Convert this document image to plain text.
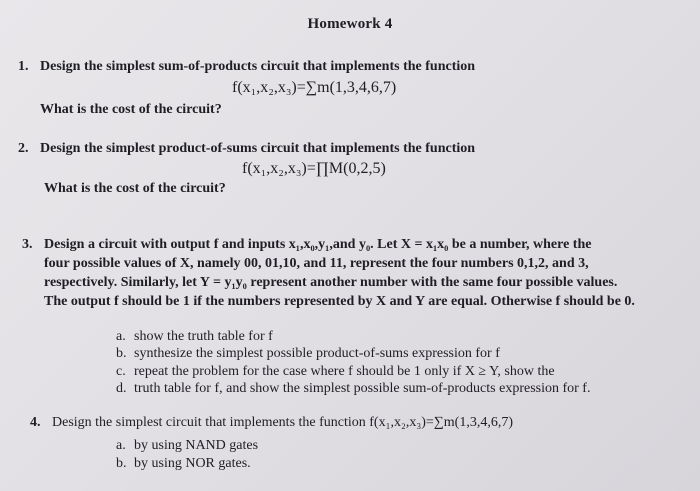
Homework 4
1. Design the simplest sum-of-products circuit that implements the function
f(x₁,x₂,x₃)=∑m(1,3,4,6,7)
What is the cost of the circuit?
2. Design the simplest product-of-sums circuit that implements the function
f(x₁,x₂,x₃)=∏M(0,2,5)
What is the cost of the circuit?
3. Design a circuit with output f and inputs x₁,x₀,y₁,and y₀. Let X = x₁x₀ be a number, where the
four possible values of X, namely 00, 01,10, and 11, represent the four numbers 0,1,2, and 3,
respectively. Similarly, let Y = y₁y₀ represent another number with the same four possible values.
The output f should be 1 if the numbers represented by X and Y are equal. Otherwise f should be 0.
a. show the truth table for f
b. synthesize the simplest possible product-of-sums expression for f
c. repeat the problem for the case where f should be 1 only if X ≥ Y, show the
d. truth table for f, and show the simplest possible sum-of-products expression for f.
4. Design the simplest circuit that implements the function f(x₁,x₂,x₃)=∑m(1,3,4,6,7)
a. by using NAND gates
b. by using NOR gates.
